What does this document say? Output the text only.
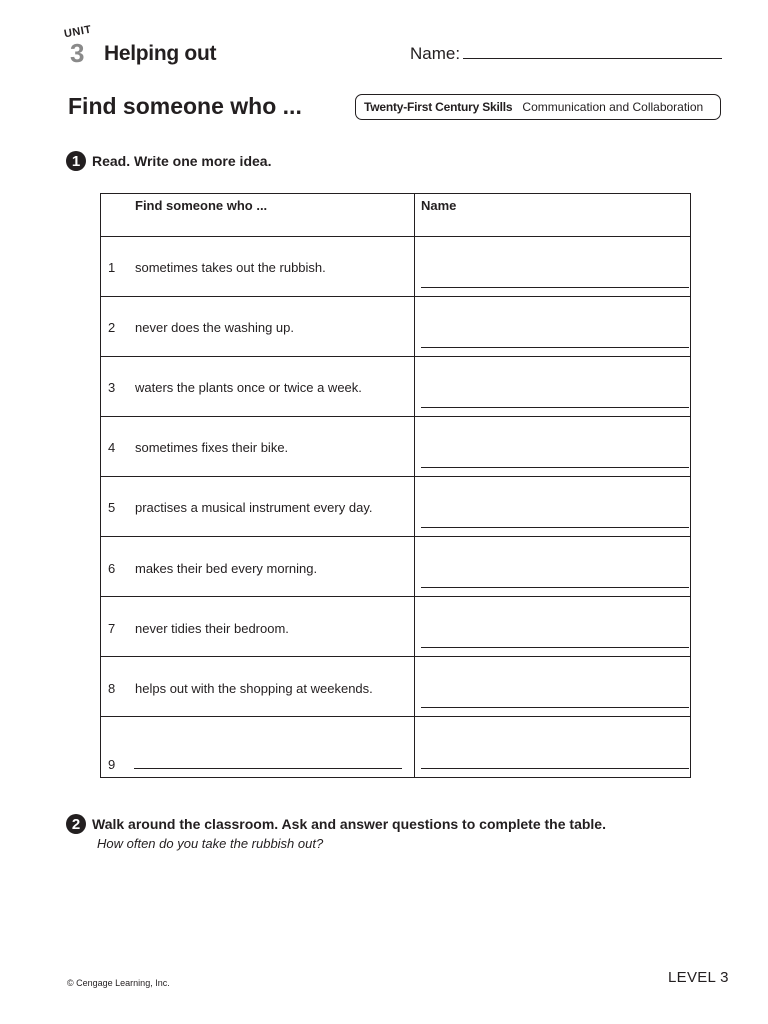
UNIT
3 Helping out	Name:
Find someone who ...	Twenty-First Century Skills Communication and Collaboration
1 Read. Write one more idea.
Find someone who ...	Name
1 sometimes takes out the rubbish.
2 never does the washing up.
3 waters the plants once or twice a week.
4 sometimes fixes their bike.
5 practises a musical instrument every day.
6 makes their bed every morning.
7 never tidies their bedroom.
8 helps out with the shopping at weekends.
9
2 Walk around the classroom. Ask and answer questions to complete the table.
How often do you take the rubbish out?
© Cengage Learning, Inc.	LEVEL 3
